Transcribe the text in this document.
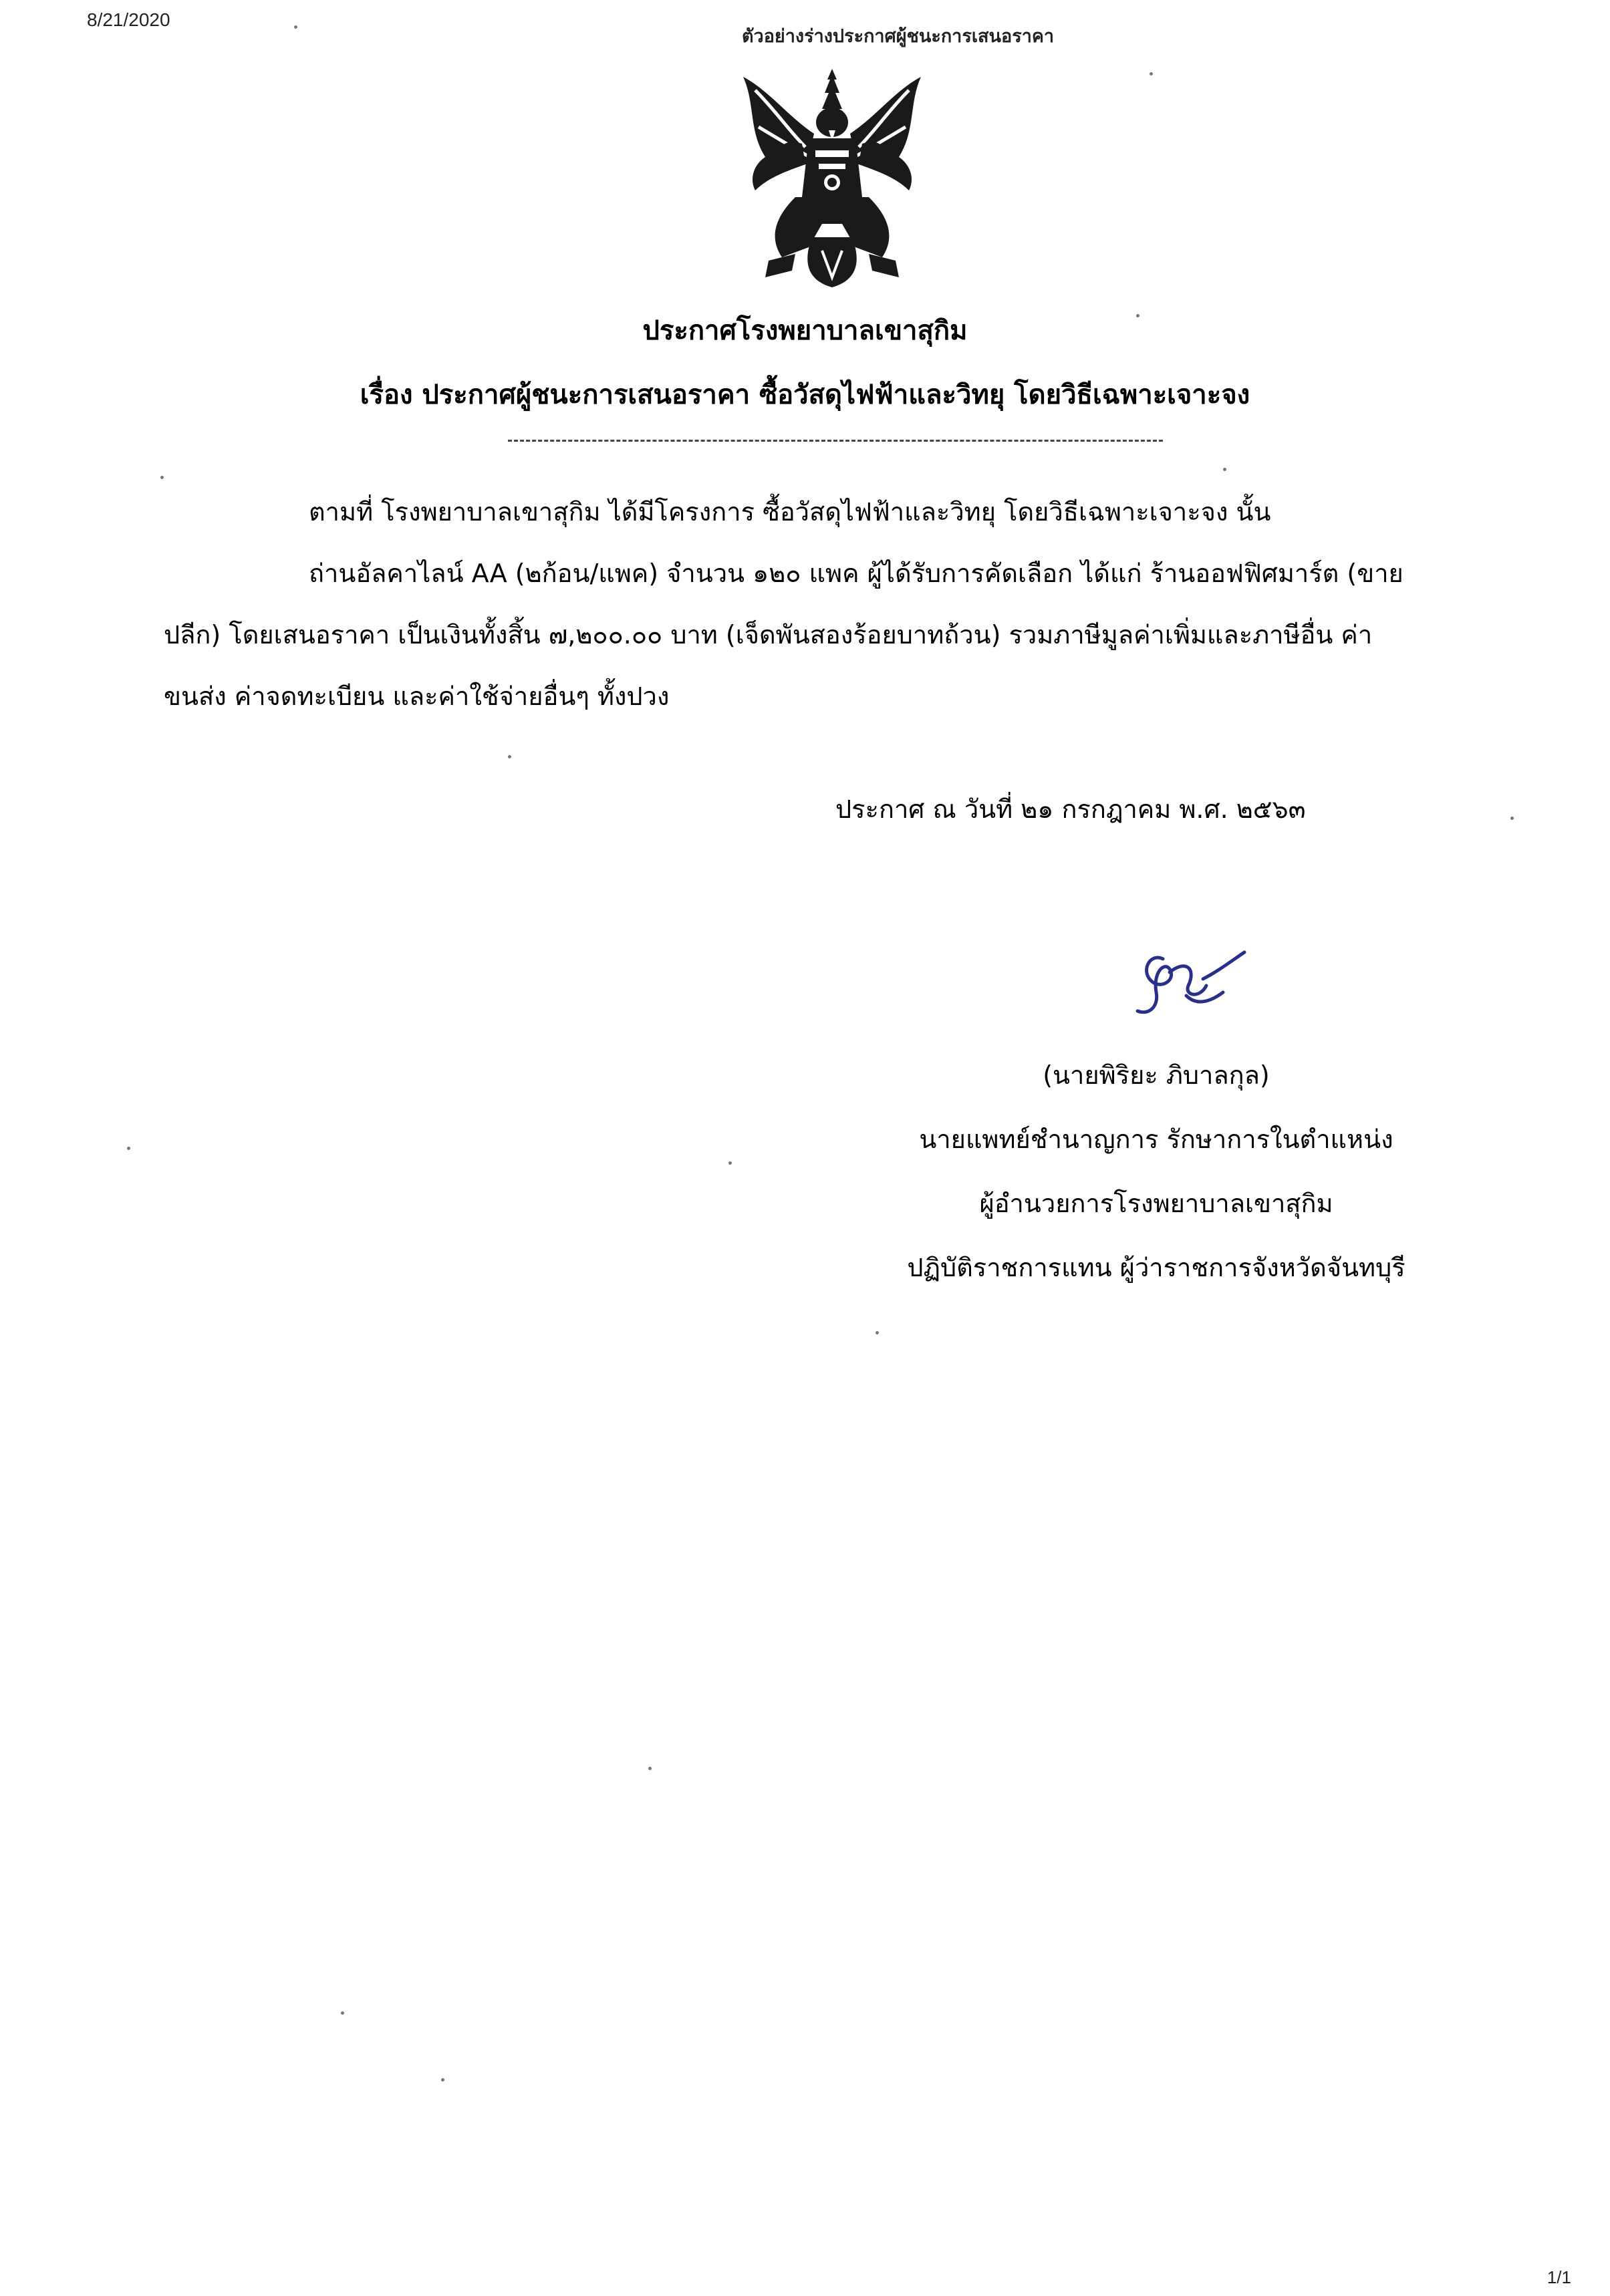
8/21/2020
ตัวอย่างร่างประกาศผู้ชนะการเสนอราคา
ประกาศโรงพยาบาลเขาสุกิม
เรื่อง ประกาศผู้ชนะการเสนอราคา ซื้อวัสดุไฟฟ้าและวิทยุ โดยวิธีเฉพาะเจาะจง
ตามที่ โรงพยาบาลเขาสุกิม ได้มีโครงการ ซื้อวัสดุไฟฟ้าและวิทยุ โดยวิธีเฉพาะเจาะจง นั้น
ถ่านอัลคาไลน์ AA (๒ก้อน/แพค) จำนวน ๑๒๐ แพค ผู้ได้รับการคัดเลือก ได้แก่ ร้านออฟฟิศมาร์ต (ขาย
ปลีก) โดยเสนอราคา เป็นเงินทั้งสิ้น ๗,๒๐๐.๐๐ บาท (เจ็ดพันสองร้อยบาทถ้วน) รวมภาษีมูลค่าเพิ่มและภาษีอื่น ค่า
ขนส่ง ค่าจดทะเบียน และค่าใช้จ่ายอื่นๆ ทั้งปวง
ประกาศ ณ วันที่ ๒๑ กรกฎาคม พ.ศ. ๒๕๖๓
(นายพิริยะ ภิบาลกุล)
นายแพทย์ชำนาญการ รักษาการในตำแหน่ง
ผู้อำนวยการโรงพยาบาลเขาสุกิม
ปฏิบัติราชการแทน ผู้ว่าราชการจังหวัดจันทบุรี
1/1
